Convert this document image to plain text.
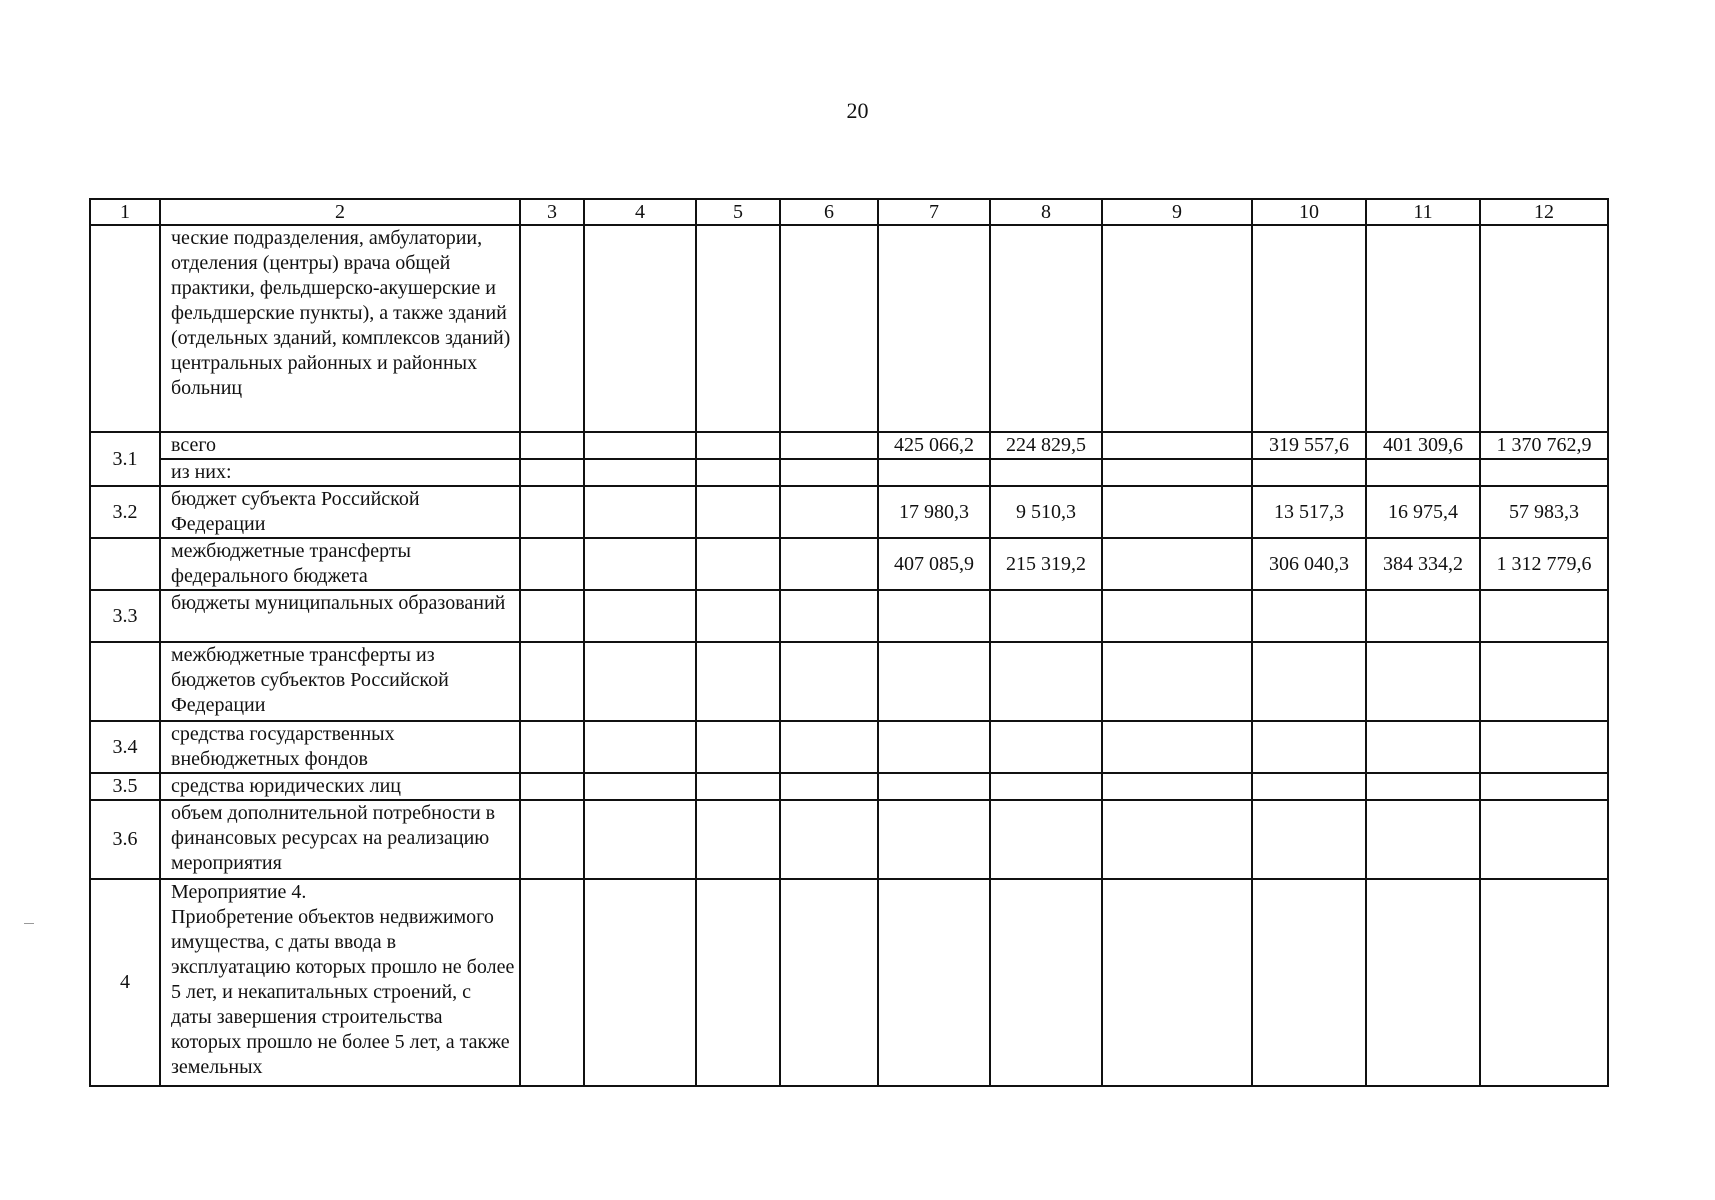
20
1	2	3	4	5	6	7	8	9	10	11	12
	ческие подразделения, амбулатории, отделения (центры) врача общей практики, фельдшерско-акушерские и фельдшерские пункты), а также зданий (отдельных зданий, комплексов зданий) центральных районных и районных больниц										
3.1	всего					425 066,2	224 829,5		319 557,6	401 309,6	1 370 762,9
	из них:										
3.2	бюджет субъекта Российской Федерации					17 980,3	9 510,3		13 517,3	16 975,4	57 983,3
	межбюджетные трансферты федерального бюджета					407 085,9	215 319,2		306 040,3	384 334,2	1 312 779,6
3.3	бюджеты муниципальных образований										
	межбюджетные трансферты из бюджетов субъектов Российской Федерации										
3.4	средства государственных внебюджетных фондов										
3.5	средства юридических лиц										
3.6	объем дополнительной потребности в финансовых ресурсах на реализацию мероприятия										
4	Мероприятие 4.
Приобретение объектов недвижимого имущества, с даты ввода в эксплуатацию которых прошло не более 5 лет, и некапитальных строений, с даты завершения строительства которых прошло не более 5 лет, а также земельных										
